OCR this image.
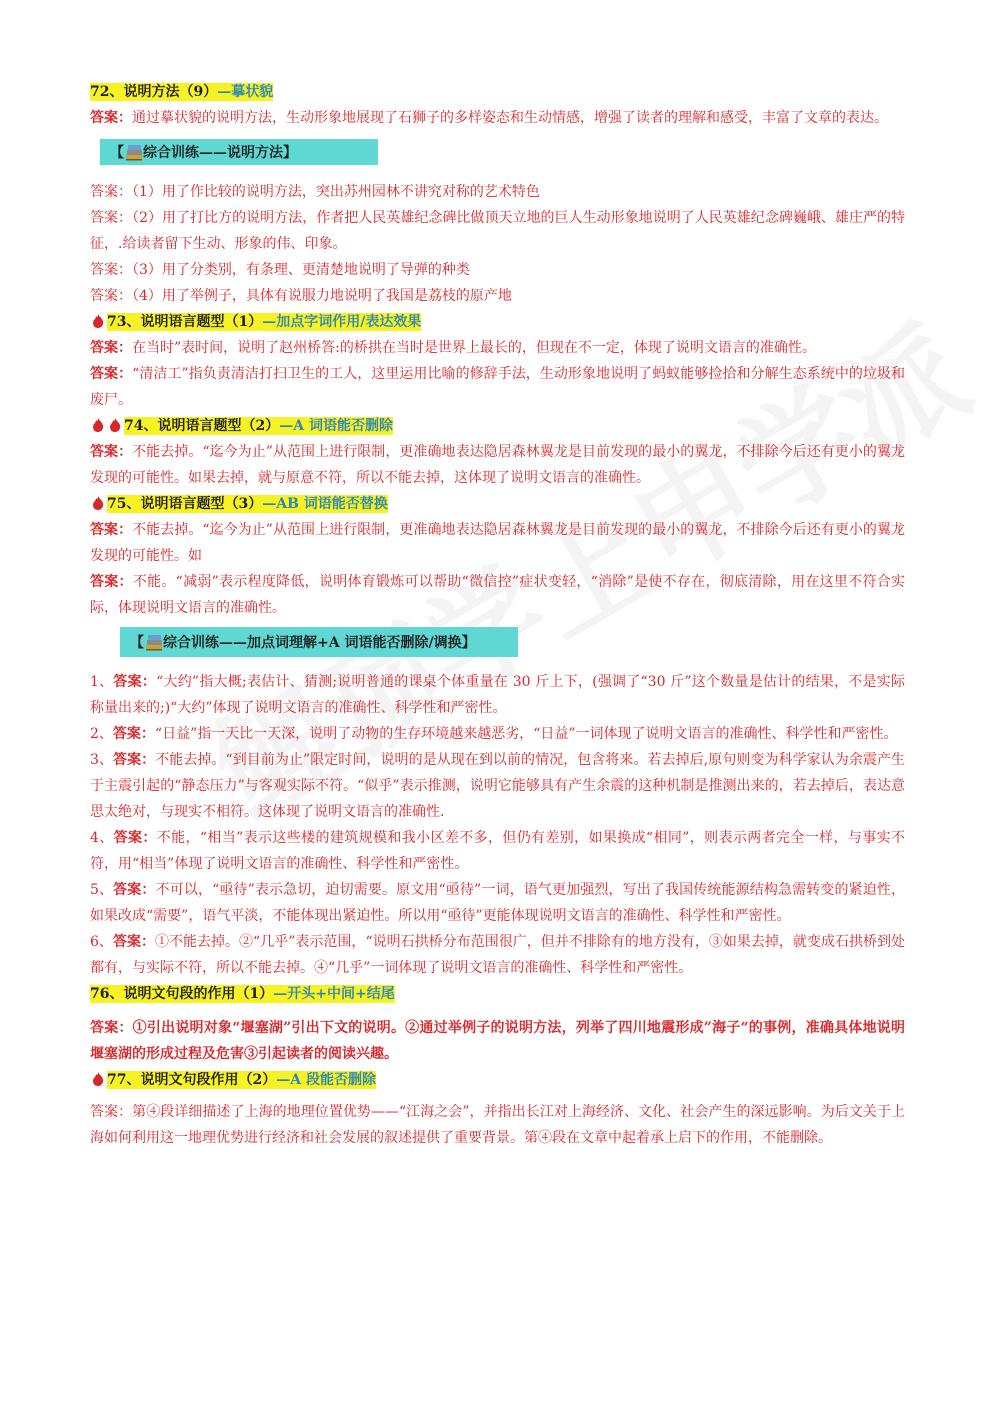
72、说明方法（9）—摹状貌

答案：通过摹状貌的说明方法，生动形象地展现了石狮子的多样姿态和生动情感，增强了读者的理解和感受，丰富了文章的表达。

【 综合训练——说明方法】

答案：（1）用了作比较的说明方法，突出苏州园林不讲究对称的艺术特色

答案：（2）用了打比方的说明方法，作者把人民英雄纪念碑比做顶天立地的巨人生动形象地说明了人民英雄纪念碑巍峨、雄庄严的特征，.给读者留下生动、形象的伟、印象。

答案：（3）用了分类别，有条理、更清楚地说明了导弹的种类

答案：（4）用了举例子，具体有说服力地说明了我国是荔枝的原产地

73、说明语言题型（1）—加点字词作用/表达效果

答案：在当时”表时间，说明了赵州桥答:的桥拱在当时是世界上最长的，但现在不一定，体现了说明文语言的准确性。

答案：“清洁工”指负责清洁打扫卫生的工人，这里运用比喻的修辞手法，生动形象地说明了蚂蚁能够捡拾和分解生态系统中的垃圾和废尸。

74、说明语言题型（2）—A 词语能否删除

答案：不能去掉。“迄今为止”从范围上进行限制，更准确地表达隐居森林翼龙是目前发现的最小的翼龙，不排除今后还有更小的翼龙发现的可能性。如果去掉，就与原意不符，所以不能去掉，这体现了说明文语言的准确性。

75、说明语言题型（3）—AB 词语能否替换

答案：不能去掉。“迄今为止”从范围上进行限制，更准确地表达隐居森林翼龙是目前发现的最小的翼龙，不排除今后还有更小的翼龙发现的可能性。如

答案：不能。“减弱”表示程度降低，说明体育锻炼可以帮助“微信控”症状变轻，“消除”是使不存在，彻底清除，用在这里不符合实际，体现说明文语言的准确性。

【 综合训练——加点词理解+A 词语能否删除/调换】

1、答案：“大约”指大概;表估计、猜测;说明普通的课桌个体重量在 30 斤上下，(强调了“30 斤”这个数量是估计的结果，不是实际称量出来的;)“大约”体现了说明文语言的准确性、科学性和严密性。

2、答案：“日益”指一天比一天深，说明了动物的生存环境越来越恶劣，“日益”一词体现了说明文语言的准确性、科学性和严密性。

3、答案：不能去掉。“到目前为止”限定时间，说明的是从现在到以前的情况，包含将来。若去掉后,原句则变为科学家认为余震产生于主震引起的“静态压力”与客观实际不符。“似乎”表示推测，说明它能够具有产生余震的这种机制是推测出来的，若去掉后，表达意思太绝对，与现实不相符。这体现了说明文语言的准确性.

4、答案：不能，“相当”表示这些楼的建筑规模和我小区差不多，但仍有差别，如果换成“相同”，则表示两者完全一样，与事实不符，用“相当”体现了说明文语言的准确性、科学性和严密性。

5、答案：不可以，“亟待”表示急切，迫切需要。原文用“亟待”一词，语气更加强烈，写出了我国传统能源结构急需转变的紧迫性，如果改成“需要”，语气平淡，不能体现出紧迫性。所以用“亟待”更能体现说明文语言的准确性、科学性和严密性。

6、答案：①不能去掉。②“几乎”表示范围，“说明石拱桥分布范围很广，但并不排除有的地方没有，③如果去掉，就变成石拱桥到处都有，与实际不符，所以不能去掉。④“几乎”一词体现了说明文语言的准确性、科学性和严密性。

76、说明文句段的作用（1）—开头+中间+结尾

答案：①引出说明对象“堰塞湖”引出下文的说明。②通过举例子的说明方法，列举了四川地震形成”海子“的事例，准确具体地说明堰塞湖的形成过程及危害③引起读者的阅读兴趣。

77、说明文句段作用（2）—A 段能否删除

答案：第④段详细描述了上海的地理位置优势——“江海之会”，并指出长江对上海经济、文化、社会产生的深远影响。为后文关于上海如何利用这一地理优势进行经济和社会发展的叙述提供了重要背景。第④段在文章中起着承上启下的作用，不能删除。
